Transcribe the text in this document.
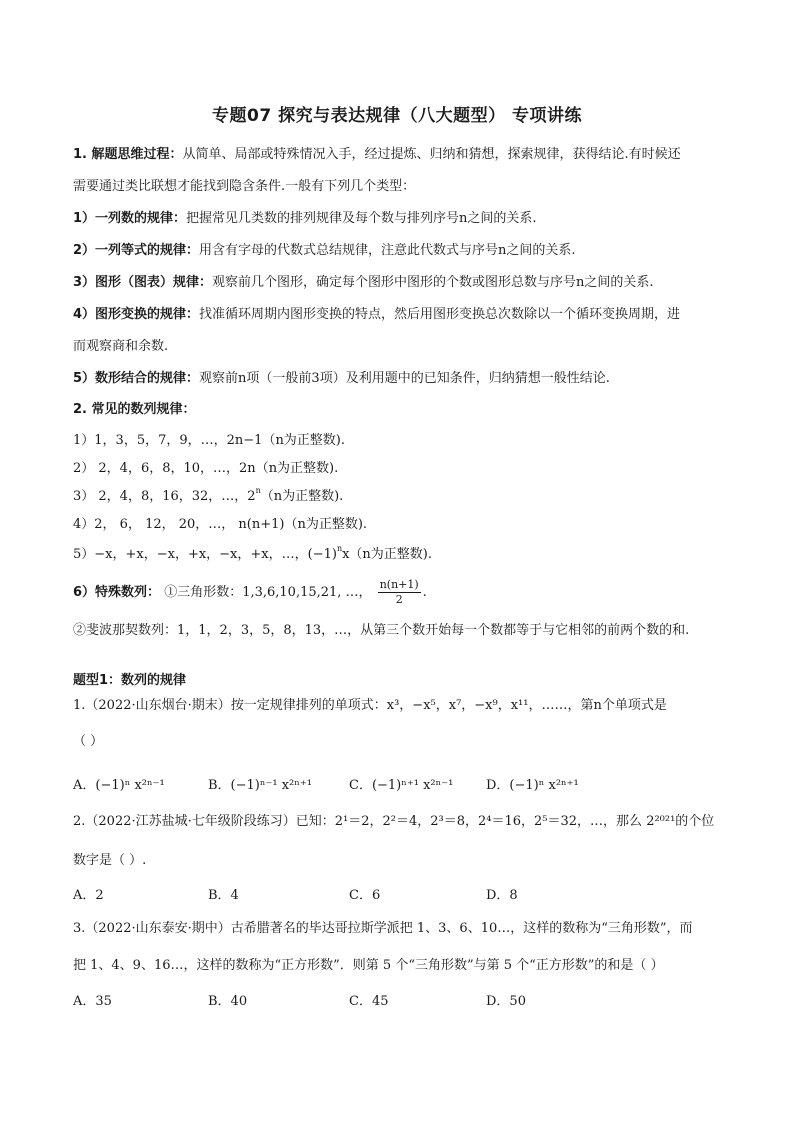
专题07 探究与表达规律（八大题型） 专项讲练
1. 解题思维过程：从简单、局部或特殊情况入手，经过提炼、归纳和猜想，探索规律，获得结论.有时候还
需要通过类比联想才能找到隐含条件.一般有下列几个类型：
1）一列数的规律：把握常见几类数的排列规律及每个数与排列序号n之间的关系.
2）一列等式的规律：用含有字母的代数式总结规律，注意此代数式与序号n之间的关系.
3）图形（图表）规律：观察前几个图形，确定每个图形中图形的个数或图形总数与序号n之间的关系.
4）图形变换的规律：找准循环周期内图形变换的特点，然后用图形变换总次数除以一个循环变换周期，进
而观察商和余数.
5）数形结合的规律：观察前n项（一般前3项）及利用题中的已知条件，归纳猜想一般性结论.
2. 常见的数列规律：
1）1，3，5，7，9，…，2n−1（n为正整数).
2） 2，4，6，8，10，…，2n（n为正整数).
3） 2，4，8，16，32，…，2$^n$（n为正整数).
4）2， 6， 12， 20，…， n(n+1)（n为正整数).
5）−x，+x，−x，+x，−x，+x，…，$(-1)^nx(n$为正整数).
6）特殊数列： ①三角形数：1,3,6,10,15,21, …， $\frac{n(n+1)}{2}$ .
②斐波那契数列：1，1，2，3，5，8，13，…，从第三个数开始每一个数都等于与它相邻的前两个数的和.
题型1：数列的规律
1.（2022·山东烟台·期末）按一定规律排列的单项式：x³，−x⁵，x⁷，−x⁹，x¹¹，……，第n个单项式是
（ ）
A．(−1)ⁿ x²ⁿ⁻¹	B．(−1)ⁿ⁻¹ x²ⁿ⁺¹	C．(−1)ⁿ⁺¹ x²ⁿ⁻¹	D．(−1)ⁿ x²ⁿ⁺¹
2.（2022·江苏盐城·七年级阶段练习）已知：2¹＝2，2²＝4，2³＝8，2⁴＝16，2⁵＝32，…，那么 2²⁰²¹的个位
数字是（ ）.
A．2	B．4	C．6	D．8
3.（2022·山东泰安·期中）古希腊著名的毕达哥拉斯学派把 1、3、6、10…，这样的数称为“三角形数”，而
把 1、4、9、16…，这样的数称为“正方形数”．则第 5 个“三角形数”与第 5 个“正方形数”的和是（ ）
A．35	B．40	C．45	D．50
